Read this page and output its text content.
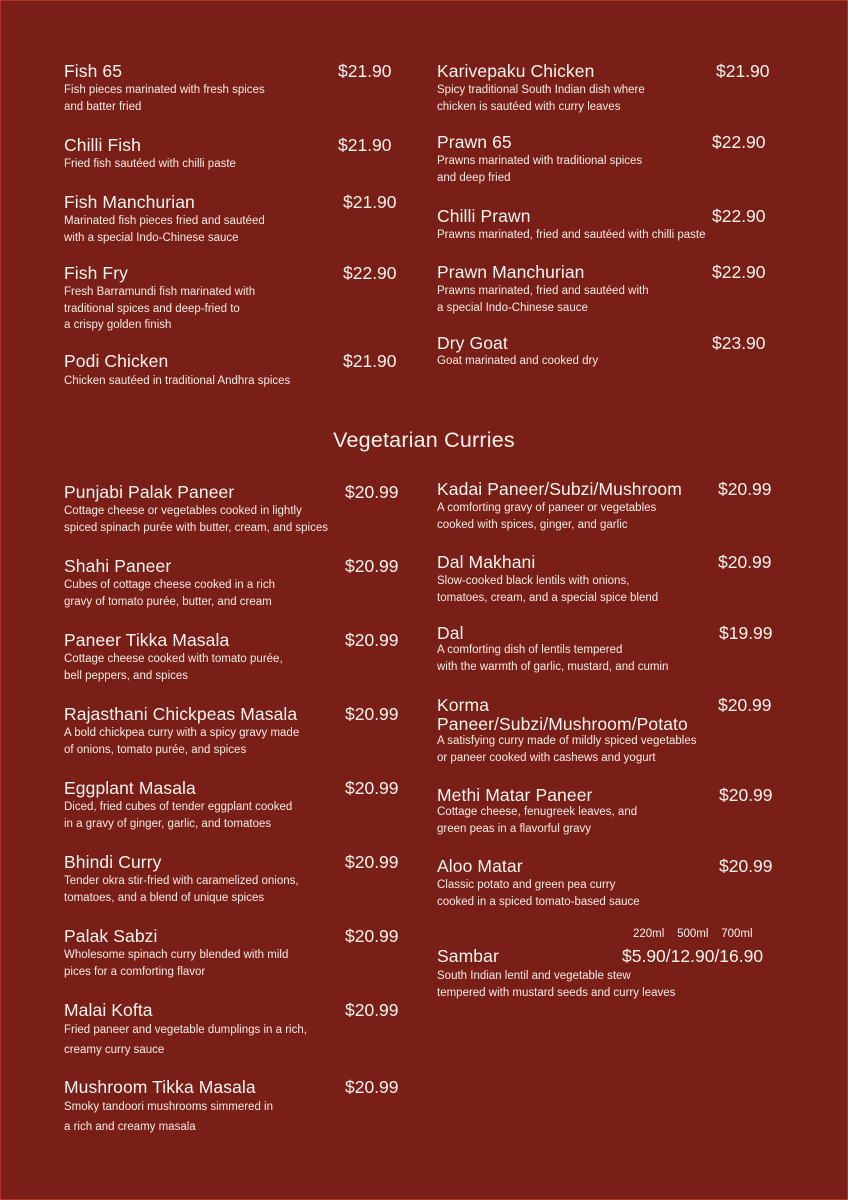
Fish 65	$21.90
Fish pieces marinated with fresh spices
and batter fried
Chilli Fish	$21.90
Fried fish sautéed with chilli paste
Fish Manchurian	$21.90
Marinated fish pieces fried and sautéed
with a special Indo-Chinese sauce
Fish Fry	$22.90
Fresh Barramundi fish marinated with
traditional spices and deep-fried to
a crispy golden finish
Podi Chicken	$21.90
Chicken sautéed in traditional Andhra spices
Karivepaku Chicken	$21.90
Spicy traditional South Indian dish where
chicken is sautéed with curry leaves
Prawn 65	$22.90
Prawns marinated with traditional spices
and deep fried
Chilli Prawn	$22.90
Prawns marinated, fried and sautéed with chilli paste
Prawn Manchurian	$22.90
Prawns marinated, fried and sautéed with
a special Indo-Chinese sauce
Dry Goat	$23.90
Goat marinated and cooked dry
Vegetarian Curries
Punjabi Palak Paneer	$20.99
Cottage cheese or vegetables cooked in lightly
spiced spinach purée with butter, cream, and spices
Shahi Paneer	$20.99
Cubes of cottage cheese cooked in a rich
gravy of tomato purée, butter, and cream
Paneer Tikka Masala	$20.99
Cottage cheese cooked with tomato purée,
bell peppers, and spices
Rajasthani Chickpeas Masala	$20.99
A bold chickpea curry with a spicy gravy made
of onions, tomato purée, and spices
Eggplant Masala	$20.99
Diced, fried cubes of tender eggplant cooked
in a gravy of ginger, garlic, and tomatoes
Bhindi Curry	$20.99
Tender okra stir-fried with caramelized onions,
tomatoes, and a blend of unique spices
Palak Sabzi	$20.99
Wholesome spinach curry blended with mild
pices for a comforting flavor
Malai Kofta	$20.99
Fried paneer and vegetable dumplings in a rich,
creamy curry sauce
Mushroom Tikka Masala	$20.99
Smoky tandoori mushrooms simmered in
a rich and creamy masala
Kadai Paneer/Subzi/Mushroom $20.99
A comforting gravy of paneer or vegetables
cooked with spices, ginger, and garlic
Dal Makhani	$20.99
Slow-cooked black lentils with onions,
tomatoes, cream, and a special spice blend
Dal	$19.99
A comforting dish of lentils tempered
with the warmth of garlic, mustard, and cumin
Korma
Paneer/Subzi/Mushroom/Potato
$20.99
A satisfying curry made of mildly spiced vegetables
or paneer cooked with cashews and yogurt
Methi Matar Paneer	$20.99
Cottage cheese, fenugreek leaves, and
green peas in a flavorful gravy
Aloo Matar	$20.99
Classic potato and green pea curry
cooked in a spiced tomato-based sauce
220ml    500ml    700ml
Sambar	$5.90/12.90/16.90
South Indian lentil and vegetable stew
tempered with mustard seeds and curry leaves
